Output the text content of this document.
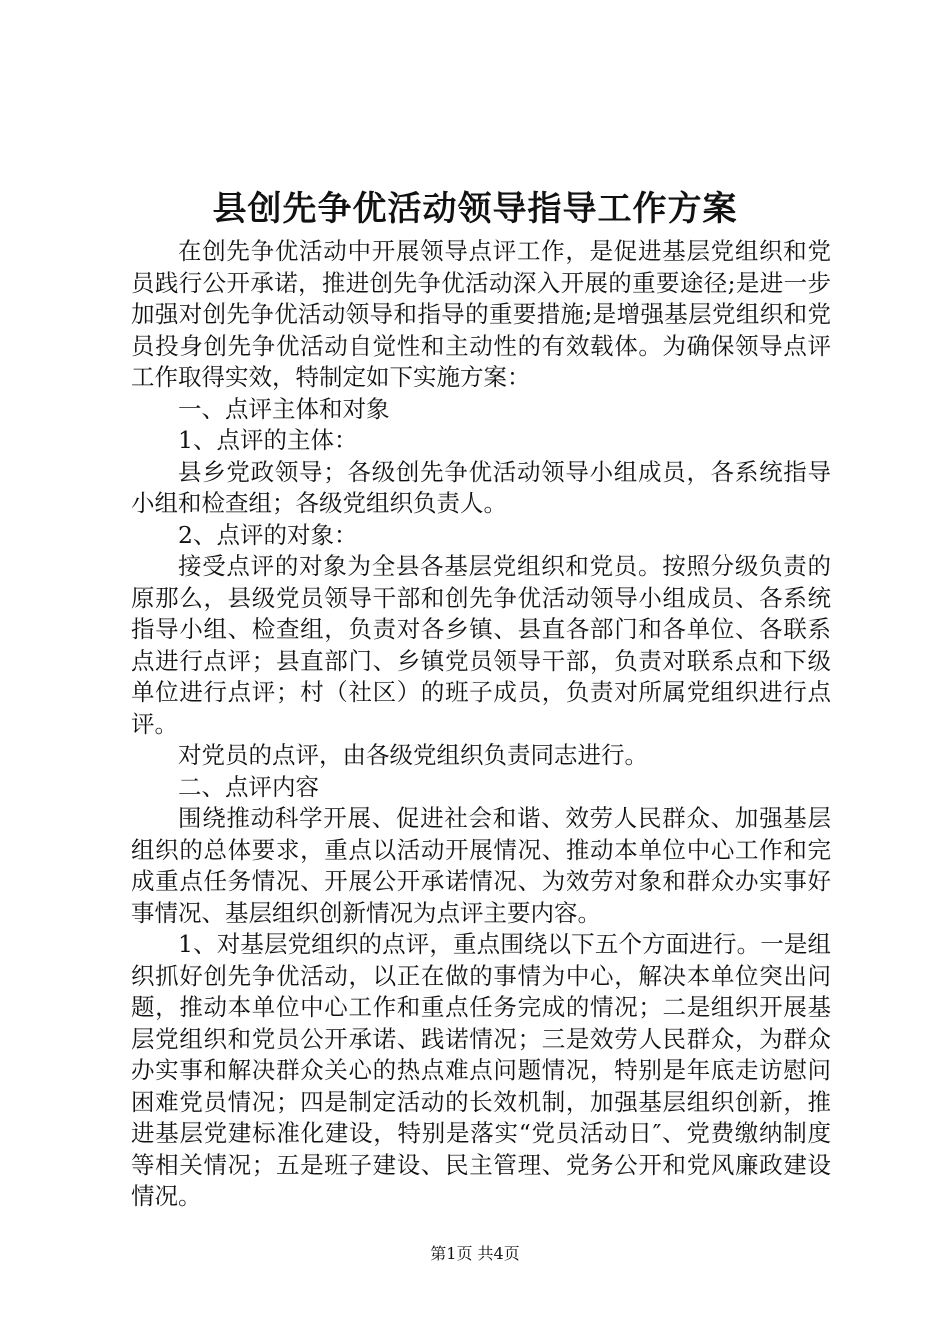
县创先争优活动领导指导工作方案

在创先争优活动中开展领导点评工作，是促进基层党组织和党员践行公开承诺，推进创先争优活动深入开展的重要途径;是进一步加强对创先争优活动领导和指导的重要措施;是增强基层党组织和党员投身创先争优活动自觉性和主动性的有效载体。为确保领导点评工作取得实效，特制定如下实施方案：

一、点评主体和对象

1、点评的主体：

县乡党政领导；各级创先争优活动领导小组成员，各系统指导小组和检查组；各级党组织负责人。

2、点评的对象：

接受点评的对象为全县各基层党组织和党员。按照分级负责的原那么，县级党员领导干部和创先争优活动领导小组成员、各系统指导小组、检查组，负责对各乡镇、县直各部门和各单位、各联系点进行点评；县直部门、乡镇党员领导干部，负责对联系点和下级单位进行点评；村（社区）的班子成员，负责对所属党组织进行点评。

对党员的点评，由各级党组织负责同志进行。

二、点评内容

围绕推动科学开展、促进社会和谐、效劳人民群众、加强基层组织的总体要求，重点以活动开展情况、推动本单位中心工作和完成重点任务情况、开展公开承诺情况、为效劳对象和群众办实事好事情况、基层组织创新情况为点评主要内容。

1、对基层党组织的点评，重点围绕以下五个方面进行。一是组织抓好创先争优活动，以正在做的事情为中心，解决本单位突出问题，推动本单位中心工作和重点任务完成的情况；二是组织开展基层党组织和党员公开承诺、践诺情况；三是效劳人民群众，为群众办实事和解决群众关心的热点难点问题情况，特别是年底走访慰问困难党员情况；四是制定活动的长效机制，加强基层组织创新，推进基层党建标准化建设，特别是落实“党员活动日″、党费缴纳制度等相关情况；五是班子建设、民主管理、党务公开和党风廉政建设情况。

第1页 共4页
